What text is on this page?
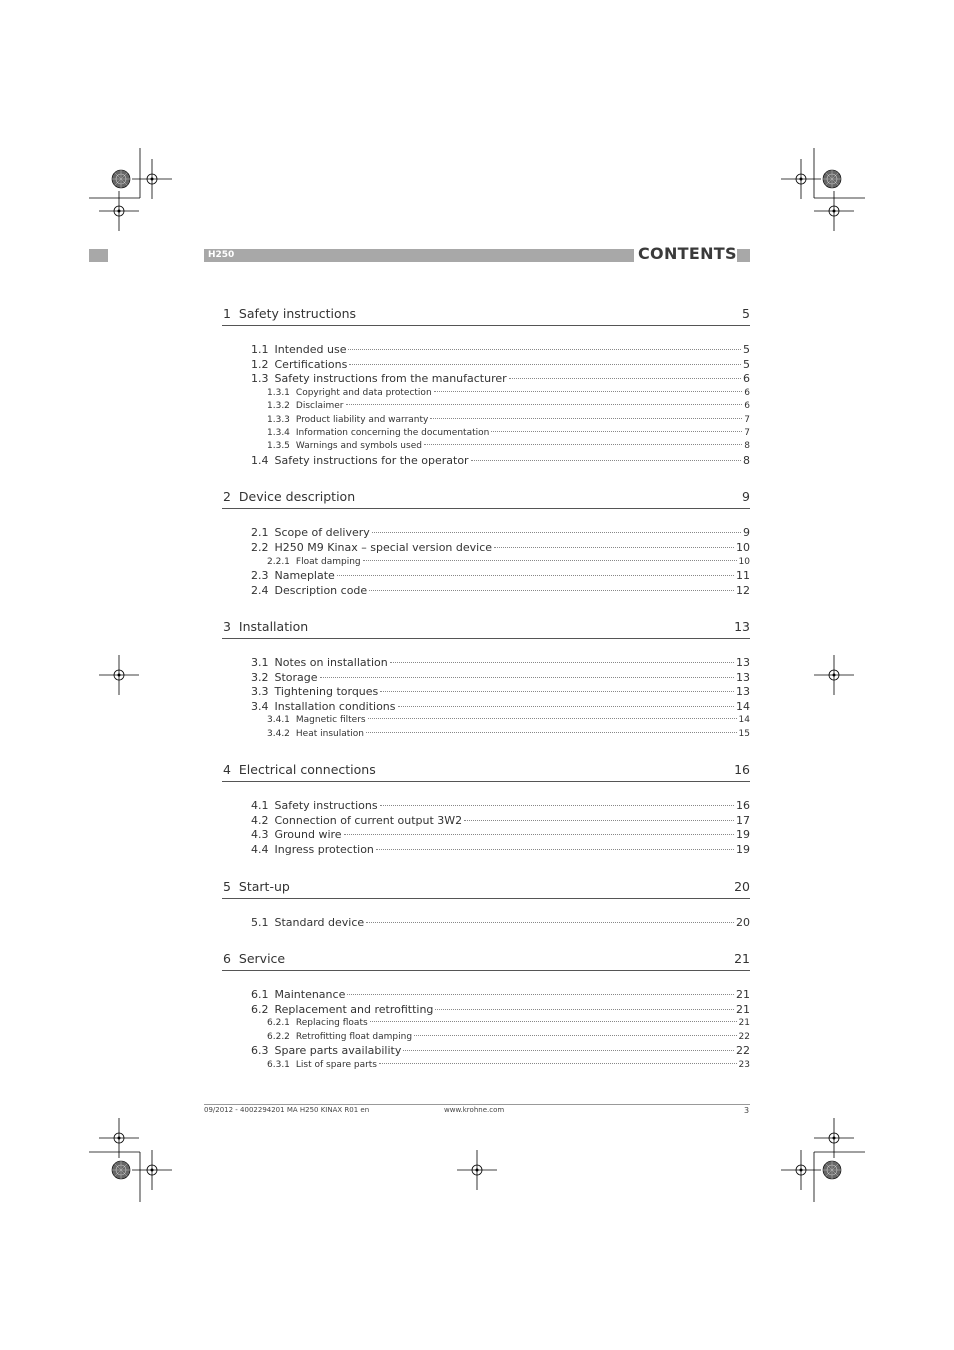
H250	CONTENTS
1 Safety instructions	5
1.1 Intended use	5
1.2 Certifications	5
1.3 Safety instructions from the manufacturer	6
1.3.1 Copyright and data protection	6
1.3.2 Disclaimer	6
1.3.3 Product liability and warranty	7
1.3.4 Information concerning the documentation	7
1.3.5 Warnings and symbols used	8
1.4 Safety instructions for the operator	8
2 Device description	9
2.1 Scope of delivery	9
2.2 H250 M9 Kinax – special version device	10
2.2.1 Float damping	10
2.3 Nameplate	11
2.4 Description code	12
3 Installation	13
3.1 Notes on installation	13
3.2 Storage	13
3.3 Tightening torques	13
3.4 Installation conditions	14
3.4.1 Magnetic filters	14
3.4.2 Heat insulation	15
4 Electrical connections	16
4.1 Safety instructions	16
4.2 Connection of current output 3W2	17
4.3 Ground wire	19
4.4 Ingress protection	19
5 Start-up	20
5.1 Standard device	20
6 Service	21
6.1 Maintenance	21
6.2 Replacement and retrofitting	21
6.2.1 Replacing floats	21
6.2.2 Retrofitting float damping	22
6.3 Spare parts availability	22
6.3.1 List of spare parts	23
09/2012 - 4002294201 MA H250 KINAX R01 en	www.krohne.com	3
